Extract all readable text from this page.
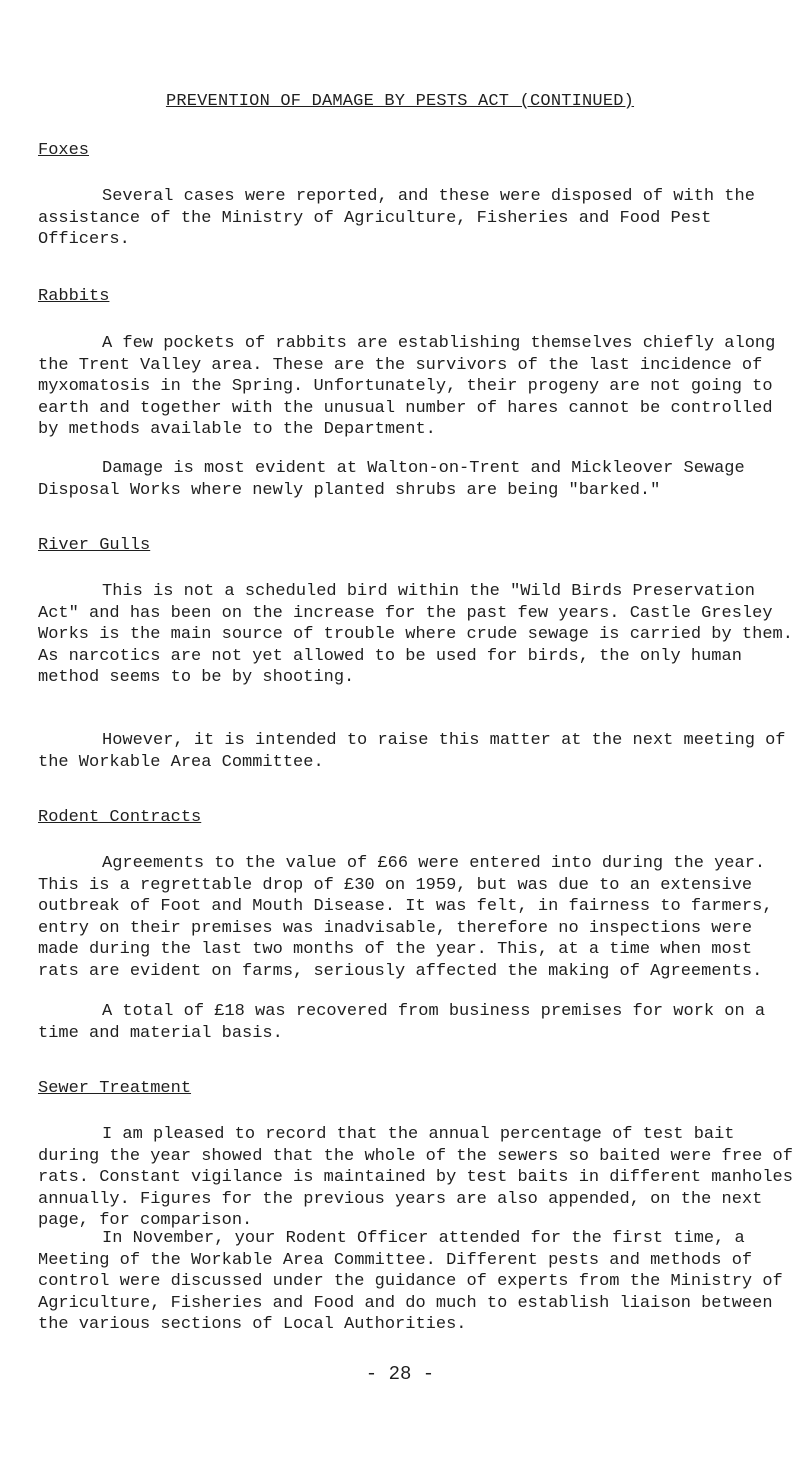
PREVENTION OF DAMAGE BY PESTS ACT (CONTINUED)
Foxes

Several cases were reported, and these were disposed of with the assistance of the Ministry of Agriculture, Fisheries and Food Pest Officers.

Rabbits

A few pockets of rabbits are establishing themselves chiefly along the Trent Valley area. These are the survivors of the last incidence of myxomatosis in the Spring. Unfortunately, their progeny are not going to earth and together with the unusual number of hares cannot be controlled by methods available to the Department.

Damage is most evident at Walton-on-Trent and Mickleover Sewage Disposal Works where newly planted shrubs are being "barked."

River Gulls

This is not a scheduled bird within the "Wild Birds Preservation Act" and has been on the increase for the past few years. Castle Gresley Works is the main source of trouble where crude sewage is carried by them. As narcotics are not yet allowed to be used for birds, the only human method seems to be by shooting.

However, it is intended to raise this matter at the next meeting of the Workable Area Committee.

Rodent Contracts

Agreements to the value of £66 were entered into during the year. This is a regrettable drop of £30 on 1959, but was due to an extensive outbreak of Foot and Mouth Disease. It was felt, in fairness to farmers, entry on their premises was inadvisable, therefore no inspections were made during the last two months of the year. This, at a time when most rats are evident on farms, seriously affected the making of Agreements.

A total of £18 was recovered from business premises for work on a time and material basis.

Sewer Treatment

I am pleased to record that the annual percentage of test bait during the year showed that the whole of the sewers so baited were free of rats. Constant vigilance is maintained by test baits in different manholes annually. Figures for the previous years are also appended, on the next page, for comparison.

In November, your Rodent Officer attended for the first time, a Meeting of the Workable Area Committee. Different pests and methods of control were discussed under the guidance of experts from the Ministry of Agriculture, Fisheries and Food and do much to establish liaison between the various sections of Local Authorities.

- 28 -
